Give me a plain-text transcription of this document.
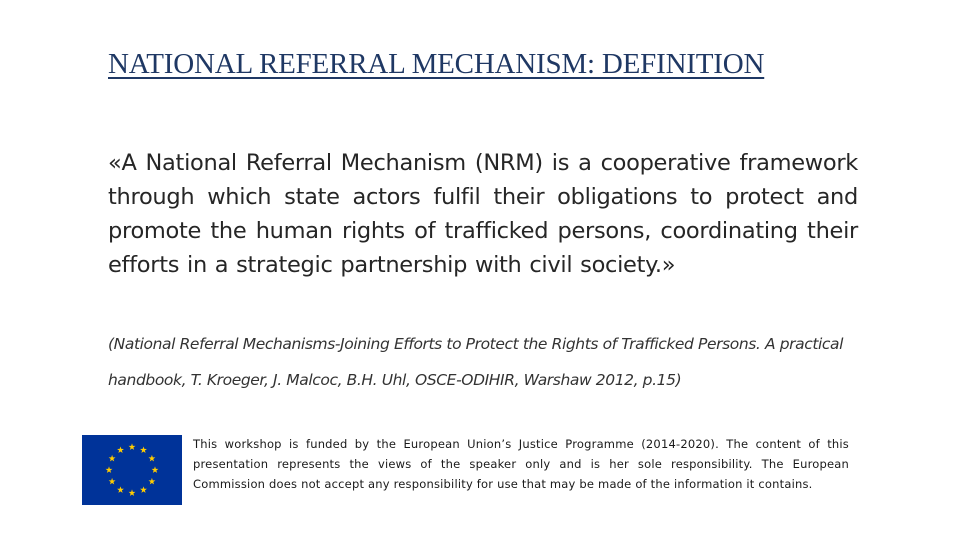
NATIONAL REFERRAL MECHANISM: DEFINITION
«A National Referral Mechanism (NRM) is a cooperative framework through which state actors fulfil their obligations to protect and promote the human rights of trafficked persons, coordinating their efforts in a strategic partnership with civil society.»
(National Referral Mechanisms-Joining Efforts to Protect the Rights of Trafficked Persons. A practical handbook, T. Kroeger, J. Malcoc, B.H. Uhl, OSCE-ODIHIR, Warshaw 2012, p.15)
This workshop is funded by the European Union’s Justice Programme (2014-2020). The content of this presentation represents the views of the speaker only and is her sole responsibility. The European Commission does not accept any responsibility for use that may be made of the information it contains.
